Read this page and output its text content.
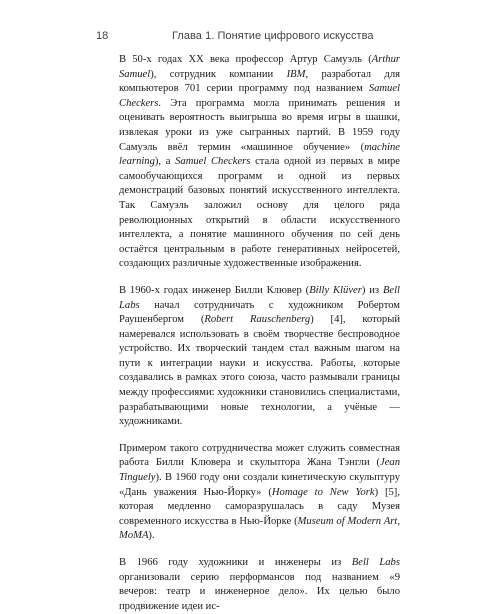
18	Глава 1. Понятие цифрового искусства

В 50-х годах XX века профессор Артур Самуэль (Arthur Samuel), сотрудник компании IBM, разработал для компьютеров 701 серии программу под названием Samuel Checkers. Эта программа могла принимать решения и оценивать вероятность выигрыша во время игры в шашки, извлекая уроки из уже сыгранных партий. В 1959 году Самуэль ввёл термин «машинное обучение» (machine learning), а Samuel Checkers стала одной из первых в мире самообучающихся программ и одной из первых демонстраций базовых понятий искусственного интеллекта. Так Самуэль заложил основу для целого ряда революционных открытий в области искусственного интеллекта, а понятие машинного обучения по сей день остаётся центральным в работе генеративных нейросетей, создающих различные художественные изображения.

В 1960-х годах инженер Билли Клювер (Billy Klüver) из Bell Labs начал сотрудничать с художником Робертом Раушенбергом (Robert Rauschenberg) [4], который намеревался использовать в своём творчестве беспроводное устройство. Их творческий тандем стал важным шагом на пути к интеграции науки и искусства. Работы, которые создавались в рамках этого союза, часто размывали границы между профессиями: художники становились специалистами, разрабатывающими новые технологии, а учёные — художниками.

Примером такого сотрудничества может служить совместная работа Билли Клювера и скульптора Жана Тэнгли (Jean Tinguely). В 1960 году они создали кинетическую скульптуру «Дань уважения Нью-Йорку» (Homage to New York) [5], которая медленно саморазрушалась в саду Музея современного искусства в Нью-Йорке (Museum of Modern Art, MoMA).

В 1966 году художники и инженеры из Bell Labs организовали серию перформансов под названием «9 вечеров: театр и инженерное дело». Их целью было продвижение идеи ис-
